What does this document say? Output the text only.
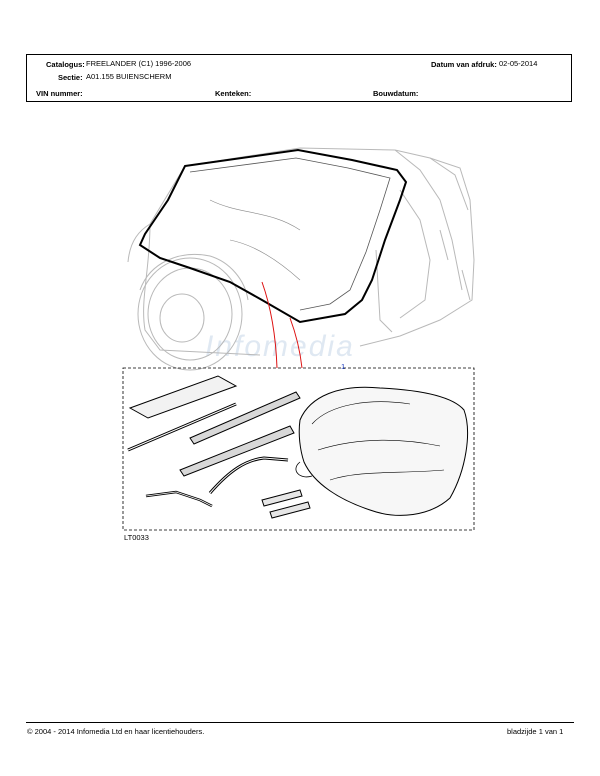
Catalogus: FREELANDER (C1) 1996-2006	Datum van afdruk: 02-05-2014
Sectie: A01.155 BUIENSCHERM
VIN nummer:	Kenteken:	Bouwdatum:
Infomedia
1
LT0033
© 2004 - 2014 Infomedia Ltd en haar licentiehouders.	bladzijde 1 van 1
